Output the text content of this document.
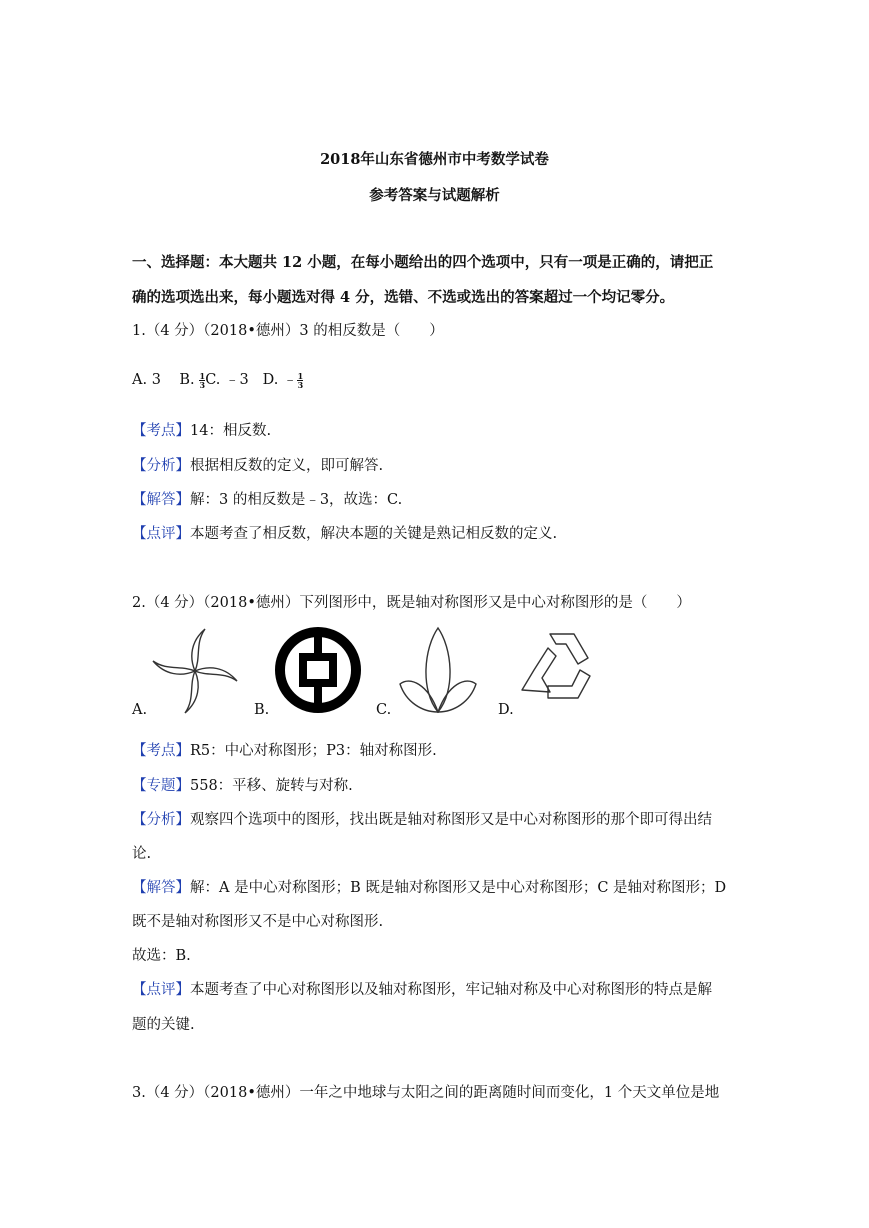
2018年山东省德州市中考数学试卷
参考答案与试题解析
一、选择题：本大题共 12 小题，在每小题给出的四个选项中，只有一项是正确的，请把正
确的选项选出来，每小题选对得 4 分，选错、不选或选出的答案超过一个均记零分。
1.（4 分）（2018•德州）3 的相反数是（　　）
A. 3 B. $\frac{1}{3} C$. ﹣3 D. ﹣ $\frac{1}{3}$
【考点】14：相反数.
【分析】根据相反数的定义，即可解答.
【解答】解：3 的相反数是﹣3，故选：C.
【点评】本题考查了相反数，解决本题的关键是熟记相反数的定义.
2.（4 分）（2018•德州）下列图形中，既是轴对称图形又是中心对称图形的是（　　）
A.	B.	C.	D.
【考点】R5：中心对称图形；P3：轴对称图形.
【专题】558：平移、旋转与对称.
【分析】观察四个选项中的图形，找出既是轴对称图形又是中心对称图形的那个即可得出结
论.
【解答】解：A 是中心对称图形；B 既是轴对称图形又是中心对称图形；C 是轴对称图形；D
既不是轴对称图形又不是中心对称图形.
故选：B.
【点评】本题考查了中心对称图形以及轴对称图形，牢记轴对称及中心对称图形的特点是解
题的关键.
3.（4 分）（2018•德州）一年之中地球与太阳之间的距离随时间而变化，1 个天文单位是地
